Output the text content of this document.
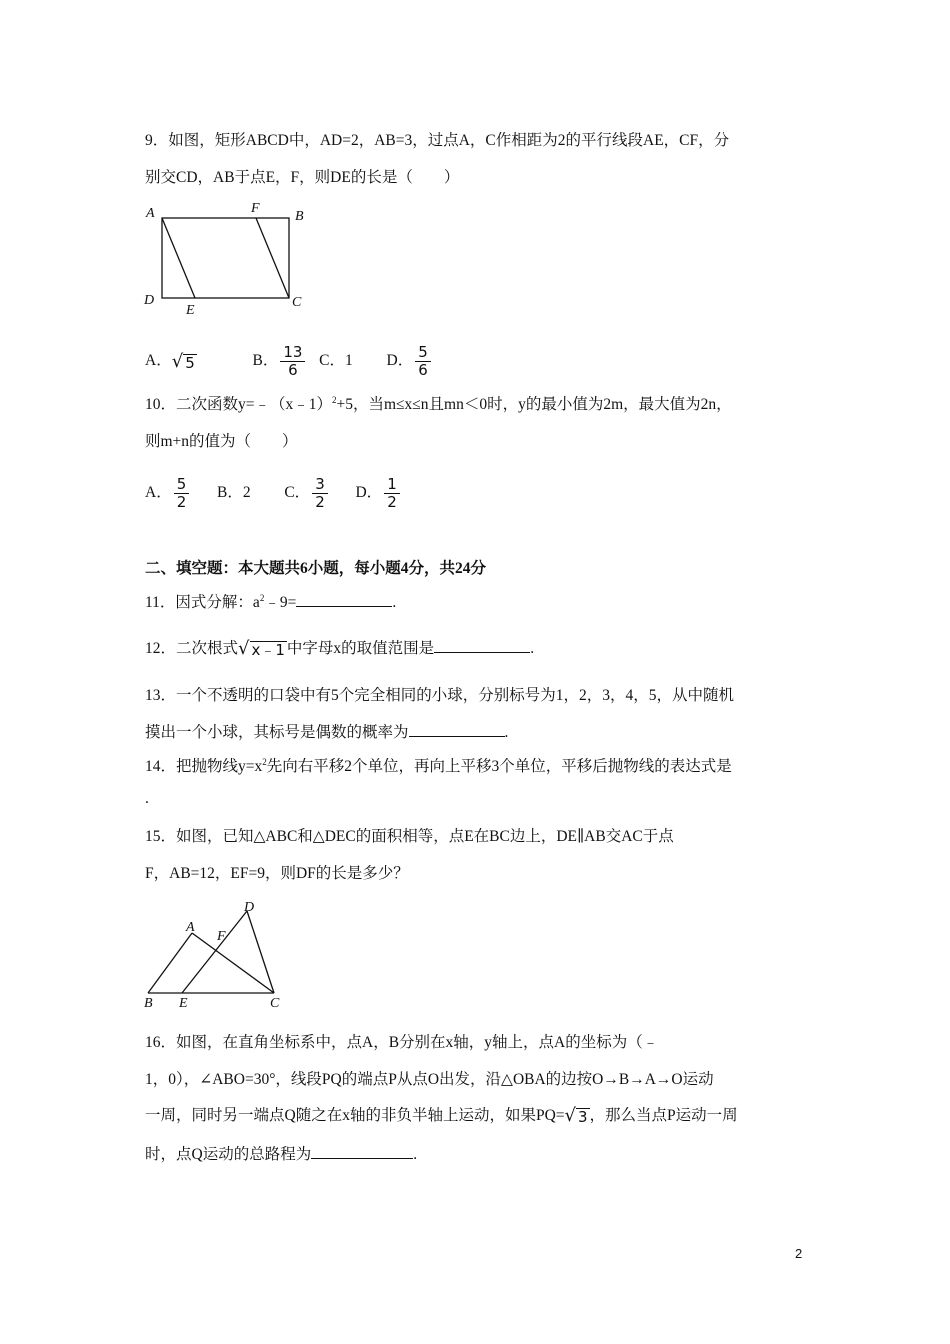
9．如图，矩形ABCD中，AD=2，AB=3，过点A，C作相距为2的平行线段AE，CF，分
别交CD，AB于点E，F，则DE的长是（　　）
A	F
B
D
E
C
A． √ 5	B． $\frac{13}{6}$ C．1 D． $\frac{5}{6}$
10．二次函数y=﹣（x﹣1）$^2$+5，当m≤x≤n且mn＜0时，y的最小值为2m，最大值为2n，
则m+n的值为（　　）
A． $\frac{5}{2}$ B．2 C． $\frac{3}{2}$ D． $\frac{1}{2}$
二、填空题：本大题共6小题，每小题4分，共24分
11．因式分解：$a^2﹣9=$	.
12．二次根式 √ x﹣1 中字母x的取值范围是	.
13．一个不透明的口袋中有5个完全相同的小球，分别标号为1，2，3，4，5，从中随机
摸出一个小球，其标号是偶数的概率为	.
14．把抛物线$y=x^2$先向右平移2个单位，再向上平移3个单位，平移后抛物线的表达式是
.
15．如图，已知△ABC和△DEC的面积相等，点E在BC边上，DE∥AB交AC于点
F，AB=12，EF=9，则DF的长是多少？
A
F
D
B E	C
16．如图，在直角坐标系中，点A，B分别在x轴，y轴上，点A的坐标为（﹣
1，0），∠ABO=30°，线段PQ的端点P从点O出发，沿△OBA的边按O→B→A→O运动
一周，同时另一端点Q随之在x轴的非负半轴上运动，如果PQ= √ 3 ，那么当点P运动一周
时，点Q运动的总路程为	.
2
